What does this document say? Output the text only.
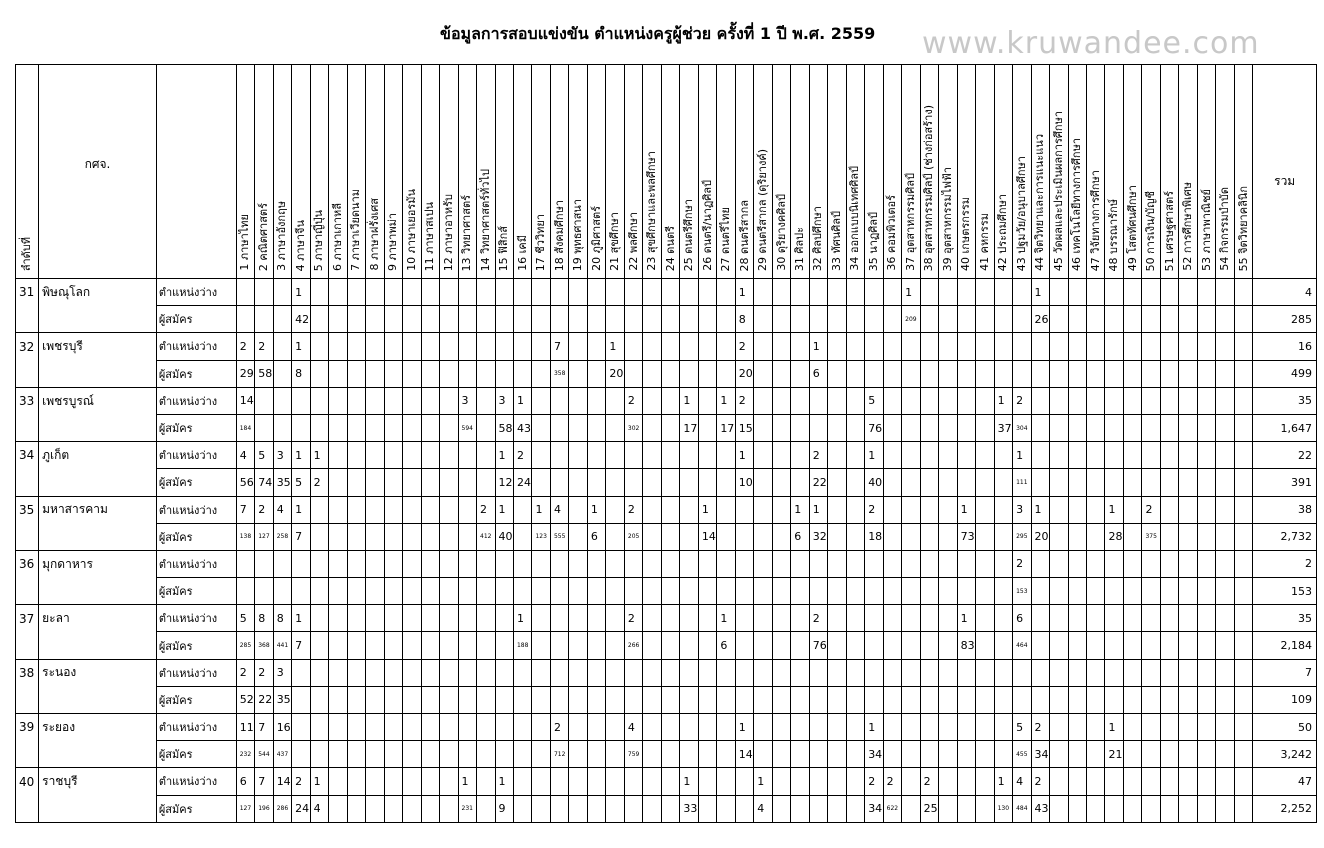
ข้อมูลการสอบแข่งขัน ตำแหน่งครูผู้ช่วย ครั้งที่ 1 ปี พ.ศ. 2559 www.kruwandee.com
ลำดับที่	กศจ.		1 ภาษาไทย	2 คณิตศาสตร์	3 ภาษาอังกฤษ	4 ภาษาจีน	5 ภาษาญี่ปุ่น	6 ภาษาเกาหลี	7 ภาษาเวียดนาม	8 ภาษาฝรั่งเศส	9 ภาษาพม่า	10 ภาษาเยอรมัน	11 ภาษาสเปน	12 ภาษาอาหรับ	13 วิทยาศาสตร์	14 วิทยาศาสตร์ทั่วไป	15 ฟิสิกส์	16 เคมี	17 ชีววิทยา	18 สังคมศึกษา	19 พุทธศาสนา	20 ภูมิศาสตร์	21 สุขศึกษา	22 พลศึกษา	23 สุขศึกษาและพลศึกษา	24 ดนตรี	25 ดนตรีศึกษา	26 ดนตรี/นาฏศิลป์	27 ดนตรีไทย	28 ดนตรีสากล	29 ดนตรีสากล (ดุริยางค์)	30 ดุริยางคศิลป์	31 ศิลปะ	32 ศิลปศึกษา	33 ทัศนศิลป์	34 ออกแบบนิเทศศิลป์	35 นาฏศิลป์	36 คอมพิวเตอร์	37 อุตสาหกรรมศิลป์	38 อุตสาหกรรมศิลป์ (ช่างก่อสร้าง)	39 อุตสาหกรรมไฟฟ้า	40 เกษตรกรรม	41 คหกรรม	42 ประถมศึกษา	43 ปฐมวัย/อนุบาลศึกษา	44 จิตวิทยาและการแนะแนว	45 วัดผลและประเมินผลการศึกษา	46 เทคโนโลยีทางการศึกษา	47 วิจัยทางการศึกษา	48 บรรณารักษ์	49 โสตทัศนศึกษา	50 การเงิน/บัญชี	51 เศรษฐศาสตร์	52 การศึกษาพิเศษ	53 ภาษาพาณิชย์	54 กิจกรรมบำบัด	55 จิตวิทยาคลินิก	รวม

31	พิษณุโลก	ตำแหน่งว่าง				1																								1									1							1												4
		ผู้สมัคร				42																								8									209							26												285
32	เพชรบุรี	ตำแหน่งว่าง	2	2		1														7			1							2				1																								16
		ผู้สมัคร	29	58		8														358			20							20				6																								499
33	เพชรบูรณ์	ตำแหน่งว่าง	14												3		3	1						2			1		1	2							5							1	2													35
		ผู้สมัคร	184												594		58	43						302			17		17	15							76							37	304													1,647
34	ภูเก็ต	ตำแหน่งว่าง	4	5	3	1	1										1	2												1				2			1								1													22
		ผู้สมัคร	56	74	35	5	2										12	24												10				22			40								111													391
35	มหาสารคาม	ตำแหน่งว่าง	7	2	4	1										2	1		1	4		1		2				1					1	1			2					1			3	1				1		2						38
		ผู้สมัคร	138	127	258	7										412	40		123	555		6		205				14					6	32			18					73			295	20				28		375						2,732
36	มุกดาหาร	ตำแหน่งว่าง																																											2													2
		ผู้สมัคร																																											153													153
37	ยะลา	ตำแหน่งว่าง	5	8	8	1												1						2					1					2								1			6													35
		ผู้สมัคร	285	368	441	7												188						266					6					76								83			464													2,184
38	ระนอง	ตำแหน่งว่าง	2	2	3																																																					7
		ผู้สมัคร	52	22	35																																																					109
39	ระยอง	ตำแหน่งว่าง	11	7	16															2				4						1							1								5	2				1								50
		ผู้สมัคร	232	544	437															712				759						14							34								455	34				21								3,242
40	ราชบุรี	ตำแหน่งว่าง	6	7	14	2	1								1		1										1				1						2	2		2				1	4	2												47
		ผู้สมัคร	127	196	286	24	4								231		9										33				4						34	622		25				130	484	43												2,252
